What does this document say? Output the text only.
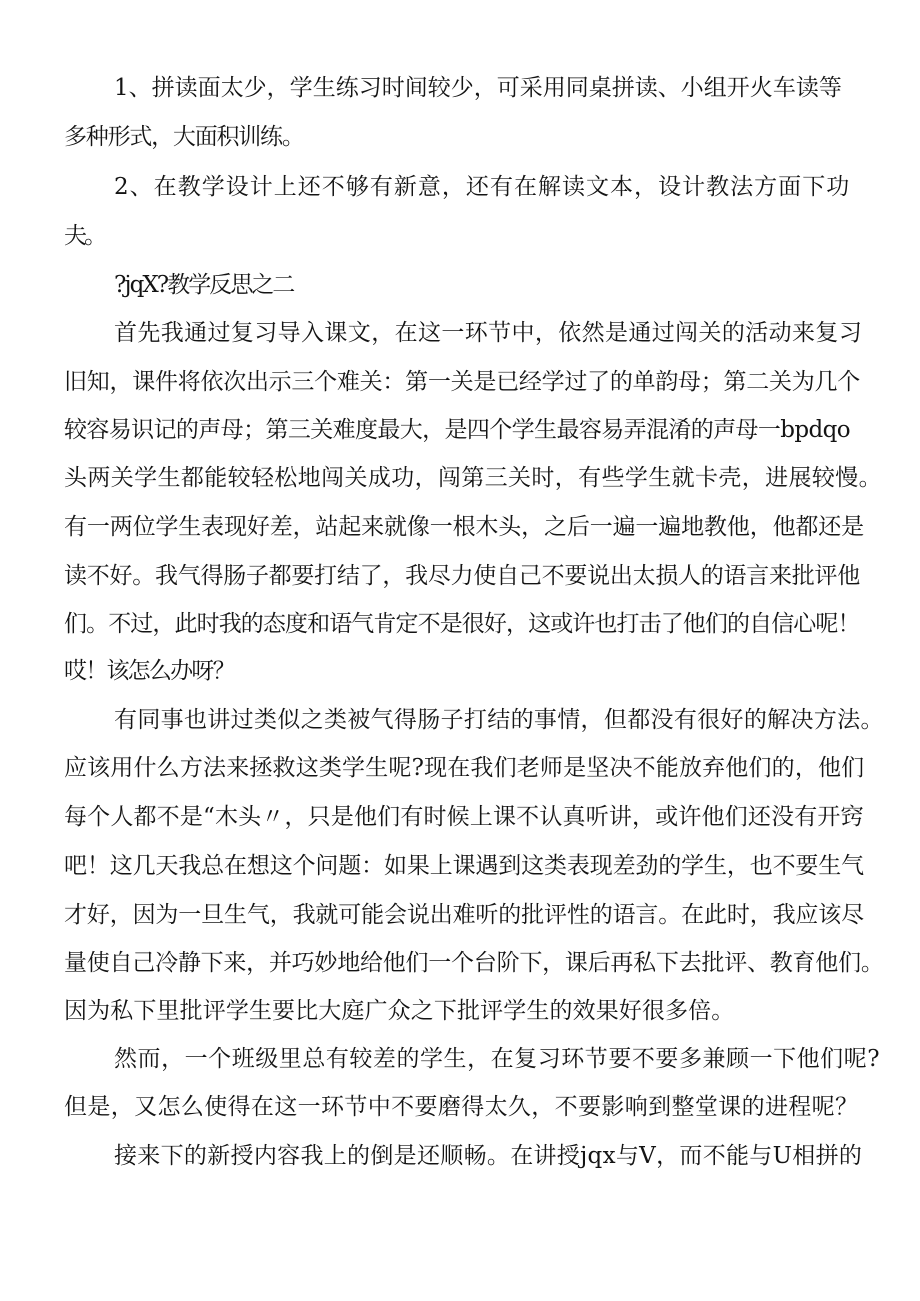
1、拼读面太少，学生练习时间较少，可采用同桌拼读、小组开火车读等
多种形式，大面积训练。
2、在教学设计上还不够有新意，还有在解读文本，设计教法方面下功
夫。
?jqX?教学反思之二
首先我通过复习导入课文，在这一环节中，依然是通过闯关的活动来复习
旧知，课件将依次出示三个难关：第一关是已经学过了的单韵母；第二关为几个
较容易识记的声母；第三关难度最大，是四个学生最容易弄混淆的声母一bpdqo
头两关学生都能较轻松地闯关成功，闯第三关时，有些学生就卡壳，进展较慢。
有一两位学生表现好差，站起来就像一根木头，之后一遍一遍地教他，他都还是
读不好。我气得肠子都要打结了，我尽力使自己不要说出太损人的语言来批评他
们。不过，此时我的态度和语气肯定不是很好，这或许也打击了他们的自信心呢！
哎！该怎么办呀？
有同事也讲过类似之类被气得肠子打结的事情，但都没有很好的解决方法。
应该用什么方法来拯救这类学生呢?现在我们老师是坚决不能放弃他们的，他们
每个人都不是“木头〃，只是他们有时候上课不认真听讲，或许他们还没有开窍
吧！这几天我总在想这个问题：如果上课遇到这类表现差劲的学生，也不要生气
才好，因为一旦生气，我就可能会说出难听的批评性的语言。在此时，我应该尽
量使自己冷静下来，并巧妙地给他们一个台阶下，课后再私下去批评、教育他们。
因为私下里批评学生要比大庭广众之下批评学生的效果好很多倍。
然而，一个班级里总有较差的学生，在复习环节要不要多兼顾一下他们呢?
但是，又怎么使得在这一环节中不要磨得太久，不要影响到整堂课的进程呢？
接来下的新授内容我上的倒是还顺畅。在讲授jqx与V，而不能与U相拼的
